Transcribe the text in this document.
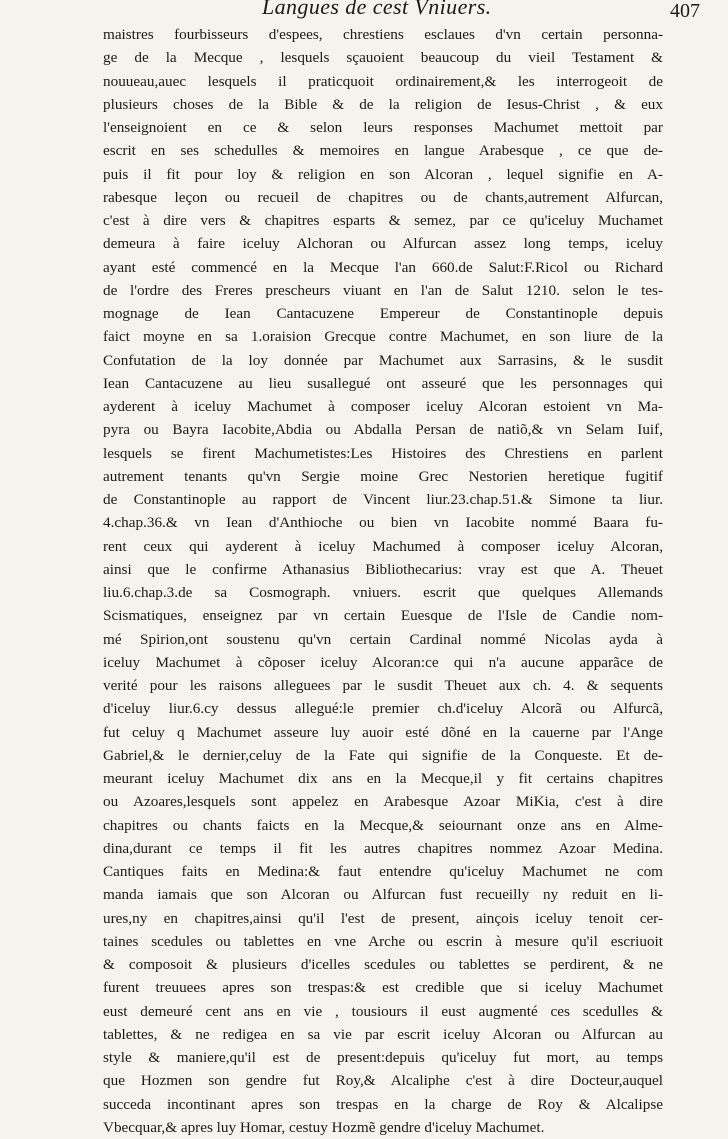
Langues de cest Vniuers.	407
maistres fourbisseurs d'espees, chrestiens esclaues d'vn certain personna-
ge de la Mecque , lesquels sçauoient beaucoup du vieil Testament &
nouueau,auec lesquels il praticquoit ordinairement,& les interrogeoit de
plusieurs choses de la Bible & de la religion de Iesus-Christ , & eux
l'enseignoient en ce & selon leurs responses Machumet mettoit par
escrit en ses schedulles & memoires en langue Arabesque , ce que de-
puis il fit pour loy & religion en son Alcoran , lequel signifie en A-
rabesque leçon ou recueil de chapitres ou de chants,autrement Alfurcan,
c'est à dire vers & chapitres esparts & semez, par ce qu'iceluy Muchamet
demeura à faire iceluy Alchoran ou Alfurcan assez long temps, iceluy
ayant esté commencé en la Mecque l'an 660.de Salut:F.Ricol ou Richard
de l'ordre des Freres prescheurs viuant en l'an de Salut 1210. selon le tes-
mognage de Iean Cantacuzene Empereur de Constantinople depuis
faict moyne en sa 1.oraision Grecque contre Machumet, en son liure de la
Confutation de la loy donnée par Machumet aux Sarrasins, & le susdit
Iean Cantacuzene au lieu susallegué ont asseuré que les personnages qui
ayderent à iceluy Machumet à composer iceluy Alcoran estoient vn Ma-
pyra ou Bayra Iacobite,Abdia ou Abdalla Persan de natiõ,& vn Selam Iuif,
lesquels se firent Machumetistes:Les Histoires des Chrestiens en parlent
autrement tenants qu'vn Sergie moine Grec Nestorien heretique fugitif
de Constantinople au rapport de Vincent liur.23.chap.51.& Simone ta liur.
4.chap.36.& vn Iean d'Anthioche ou bien vn Iacobite nommé Baara fu-
rent ceux qui ayderent à iceluy Machumed à composer iceluy Alcoran,
ainsi que le confirme Athanasius Bibliothecarius: vray est que A. Theuet
liu.6.chap.3.de sa Cosmograph. vniuers. escrit que quelques Allemands
Scismatiques, enseignez par vn certain Euesque de l'Isle de Candie nom-
mé Spirion,ont soustenu qu'vn certain Cardinal nommé Nicolas ayda à
iceluy Machumet à cõposer iceluy Alcoran:ce qui n'a aucune apparãce de
verité pour les raisons alleguees par le susdit Theuet aux ch. 4. & sequents
d'iceluy liur.6.cy dessus allegué:le premier ch.d'iceluy Alcorã ou Alfurcã,
fut celuy q Machumet asseure luy auoir esté dõné en la cauerne par l'Ange
Gabriel,& le dernier,celuy de la Fate qui signifie de la Conqueste. Et de-
meurant iceluy Machumet dix ans en la Mecque,il y fit certains chapitres
ou Azoares,lesquels sont appelez en Arabesque Azoar MiKia, c'est à dire
chapitres ou chants faicts en la Mecque,& seiournant onze ans en Alme-
dina,durant ce temps il fit les autres chapitres nommez Azoar Medina.
Cantiques faits en Medina:& faut entendre qu'iceluy Machumet ne com
manda iamais que son Alcoran ou Alfurcan fust recueilly ny reduit en li-
ures,ny en chapitres,ainsi qu'il l'est de present, ainçois iceluy tenoit cer-
taines scedules ou tablettes en vne Arche ou escrin à mesure qu'il escriuoit
& composoit & plusieurs d'icelles scedules ou tablettes se perdirent, & ne
furent treuuees apres son trespas:& est credible que si iceluy Machumet
eust demeuré cent ans en vie , tousiours il eust augmenté ces scedulles &
tablettes, & ne redigea en sa vie par escrit iceluy Alcoran ou Alfurcan au
style & maniere,qu'il est de present:depuis qu'iceluy fut mort, au temps
que Hozmen son gendre fut Roy,& Alcaliphe c'est à dire Docteur,auquel
succeda incontinant apres son trespas en la charge de Roy & Alcalipse
Vbecquar,& apres luy Homar, cestuy Hozmẽ gendre d'iceluy Machumet.
